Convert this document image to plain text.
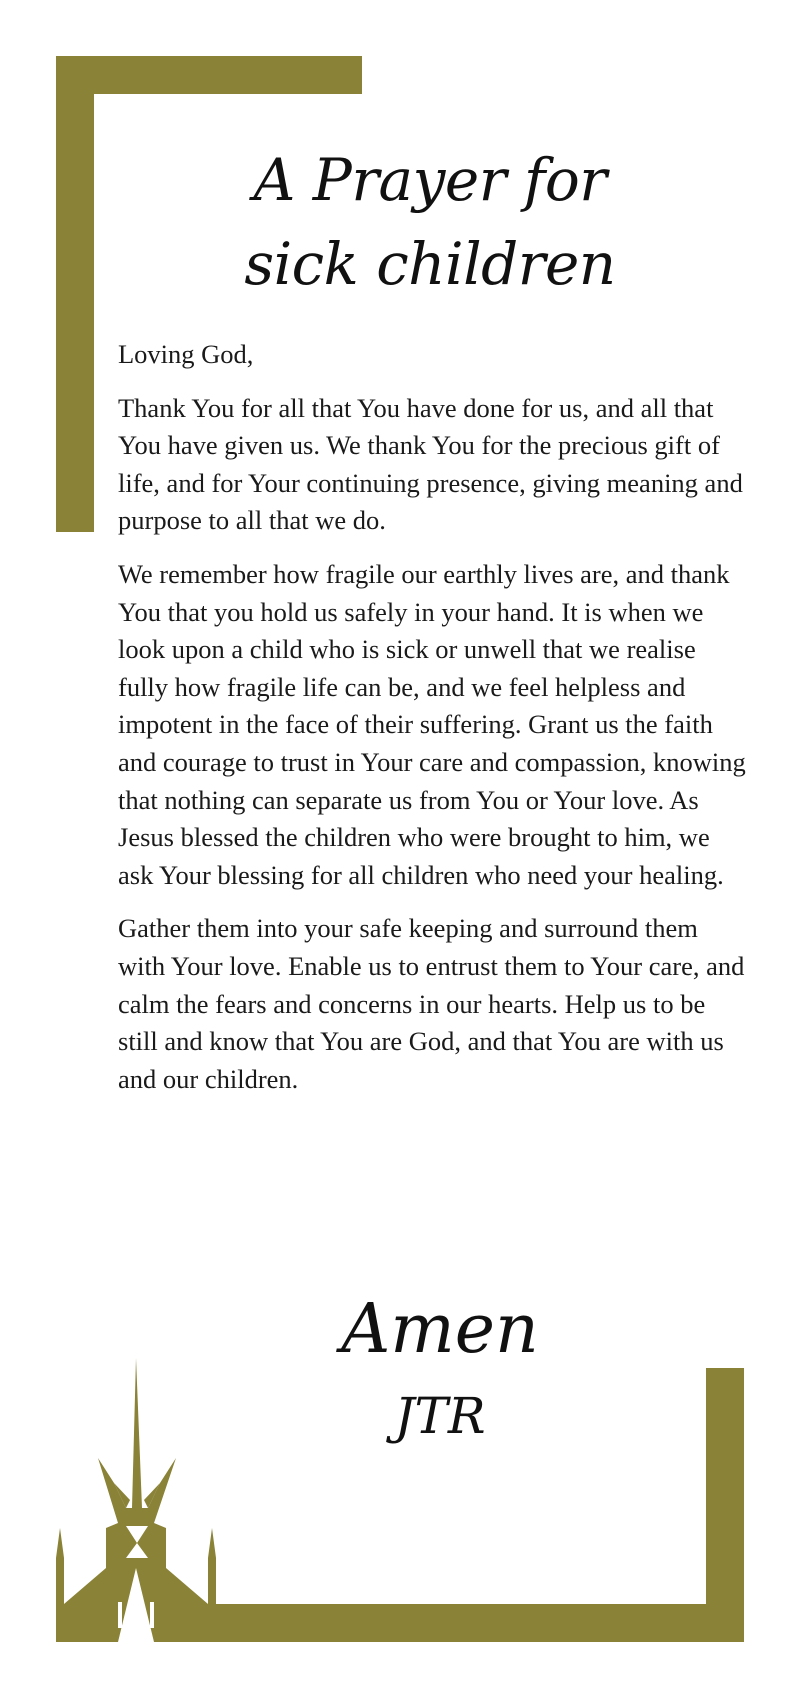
A Prayer for
sick children

Loving God,

Thank You for all that You have done for us, and all that You have given us. We thank You for the precious gift of life, and for Your continuing presence, giving meaning and purpose to all that we do.

We remember how fragile our earthly lives are, and thank You that you hold us safely in your hand. It is when we look upon a child who is sick or unwell that we realise fully how fragile life can be, and we feel helpless and impotent in the face of their suffering. Grant us the faith and courage to trust in Your care and compassion, knowing that nothing can separate us from You or Your love. As Jesus blessed the children who were brought to him, we ask Your blessing for all children who need your healing.

Gather them into your safe keeping and surround them with Your love. Enable us to entrust them to Your care, and calm the fears and concerns in our hearts. Help us to be still and know that You are God, and that You are with us and our children.

Amen
JTR
